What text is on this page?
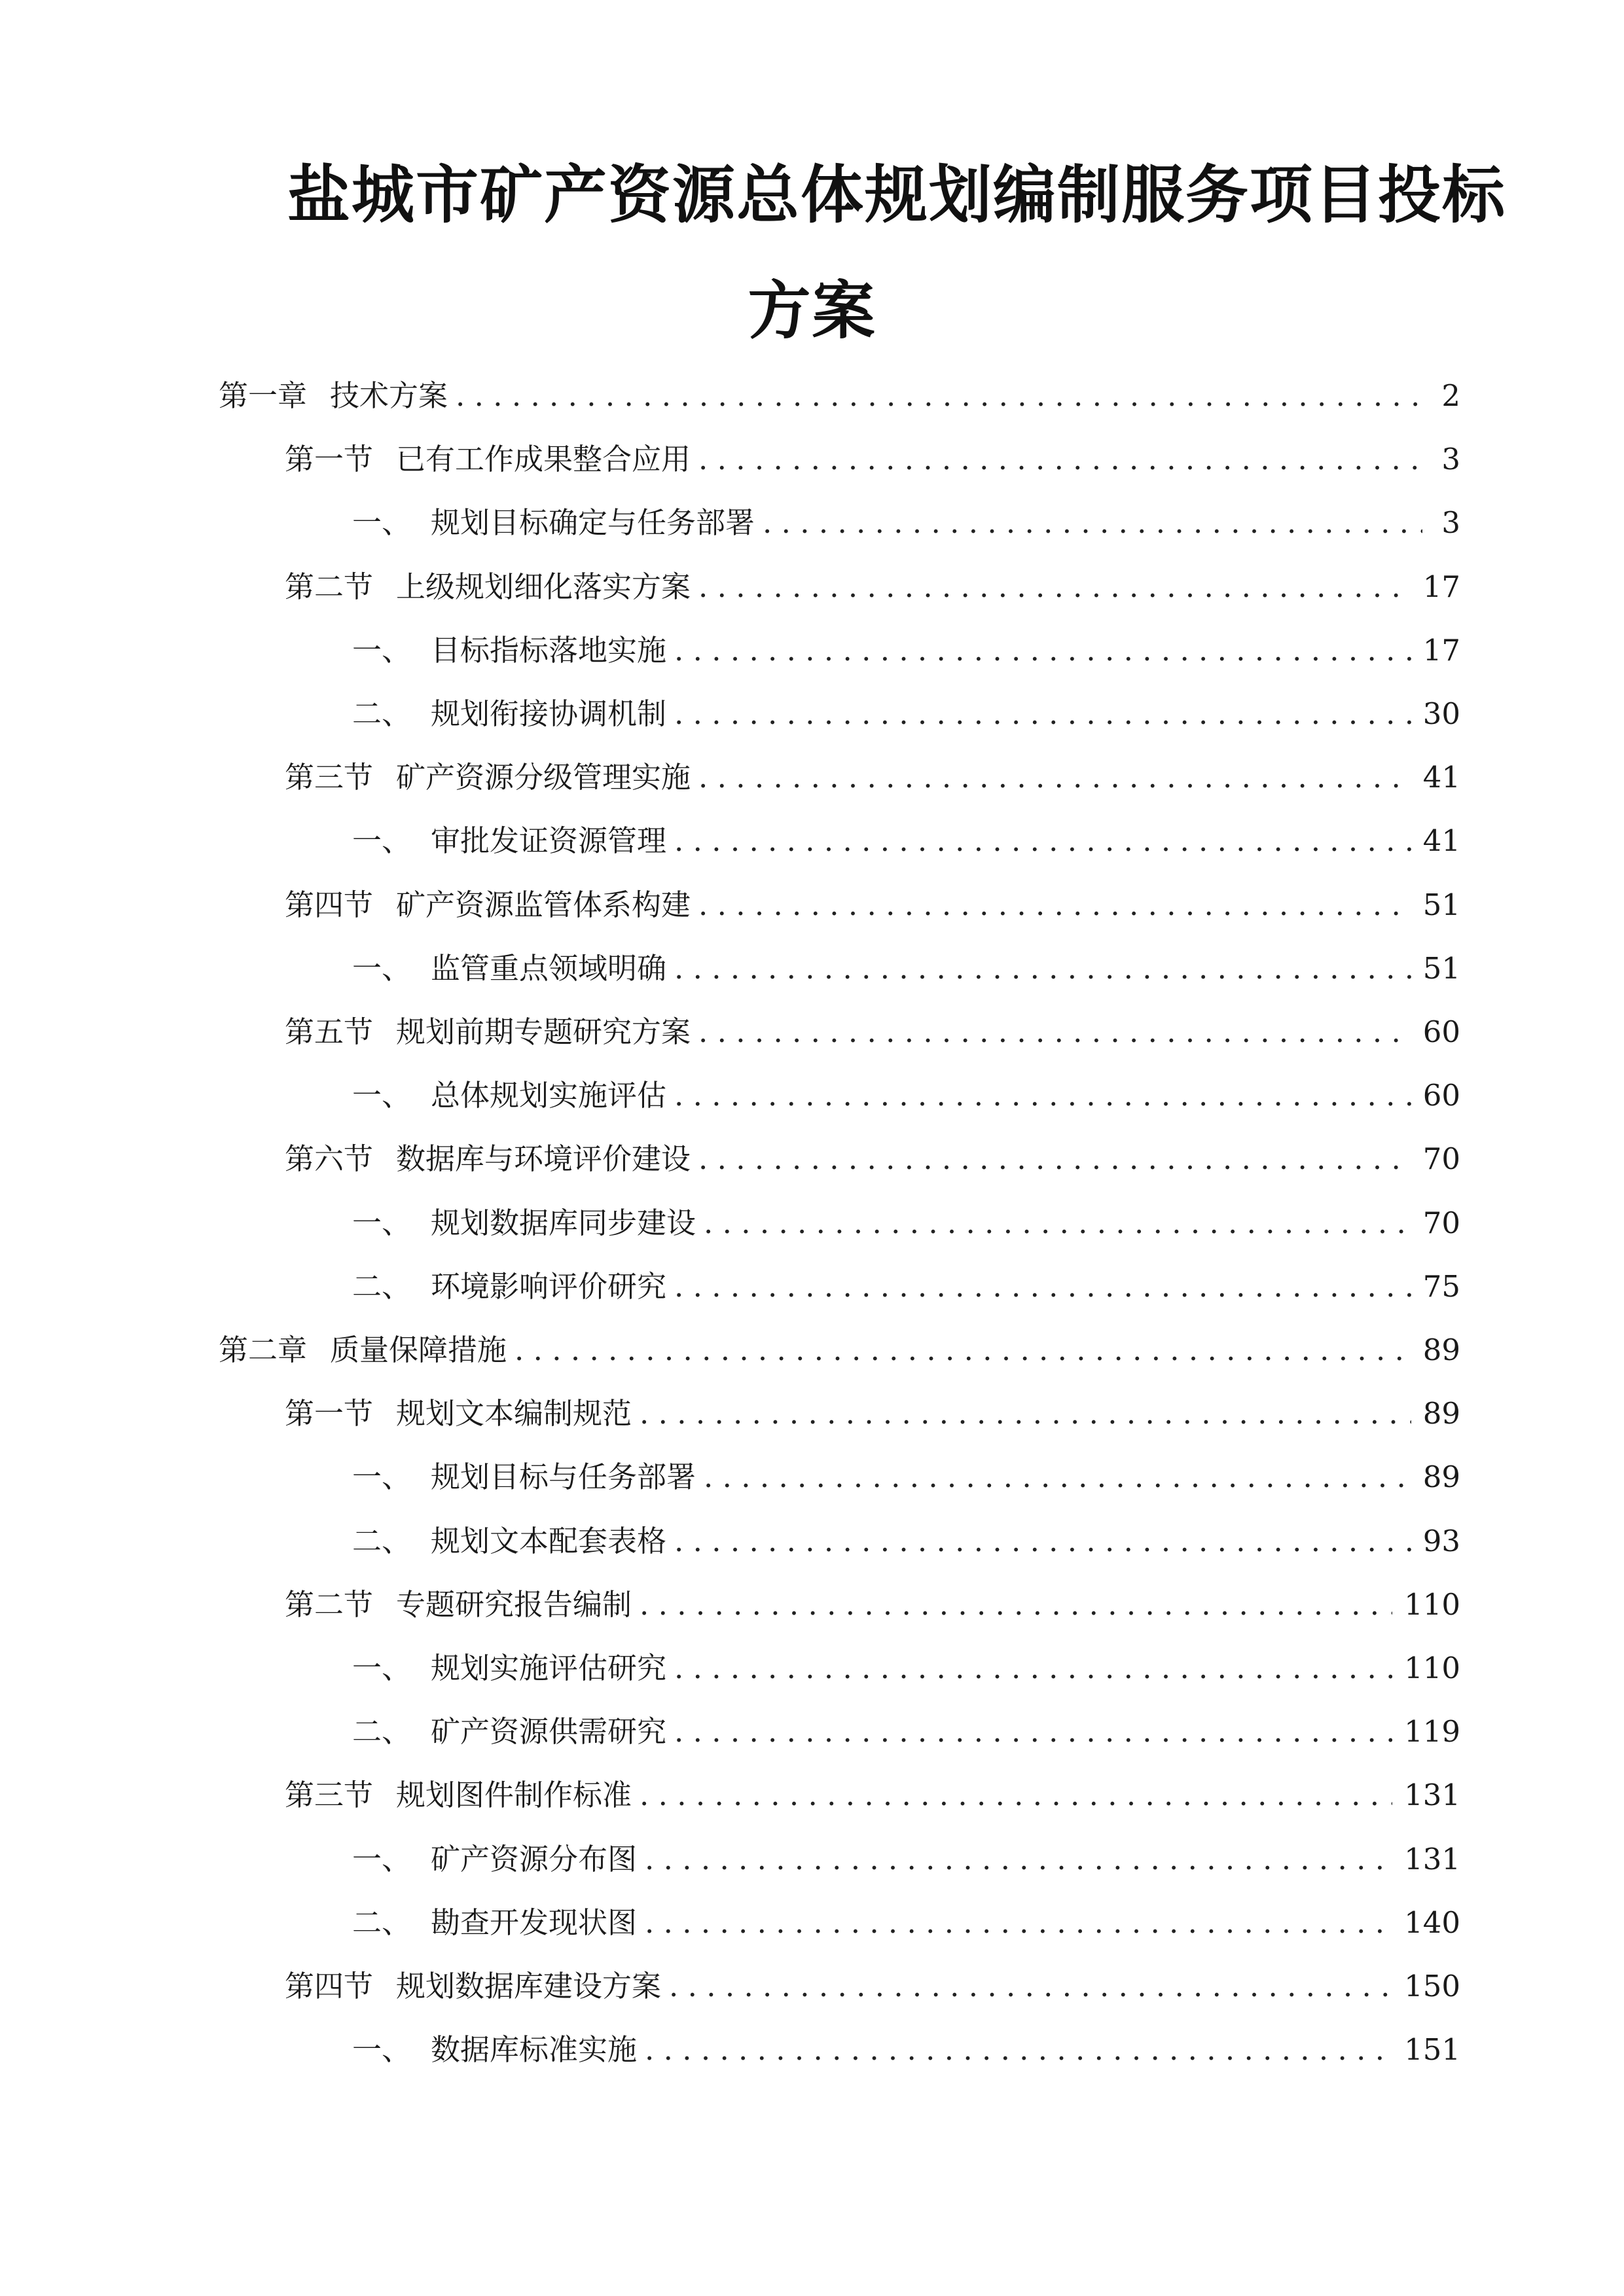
盐城市矿产资源总体规划编制服务项目投标
方案
第一章 技术方案 . . .	2
第一节 已有工作成果整合应用 . . .	3
一、 规划目标确定与任务部署 . . .	3
第二节 上级规划细化落实方案 . . .	17
一、 目标指标落地实施 . . .	17
二、 规划衔接协调机制 . . .	30
第三节 矿产资源分级管理实施 . . .	41
一、 审批发证资源管理 . . .	41
第四节 矿产资源监管体系构建 . . .	51
一、 监管重点领域明确 . . .	51
第五节 规划前期专题研究方案 . . .	60
一、 总体规划实施评估 . . .	60
第六节 数据库与环境评价建设 . . .	70
一、 规划数据库同步建设 . . .	70
二、 环境影响评价研究 . . .	75
第二章 质量保障措施 . . .	89
第一节 规划文本编制规范 . . .	89
一、 规划目标与任务部署 . . .	89
二、 规划文本配套表格 . . .	93
第二节 专题研究报告编制 . . .	110
一、 规划实施评估研究 . . .	110
二、 矿产资源供需研究 . . .	119
第三节 规划图件制作标准 . . .	131
一、 矿产资源分布图 . . .	131
二、 勘查开发现状图 . . .	140
第四节 规划数据库建设方案 . . .	150
一、 数据库标准实施 . . .	151
